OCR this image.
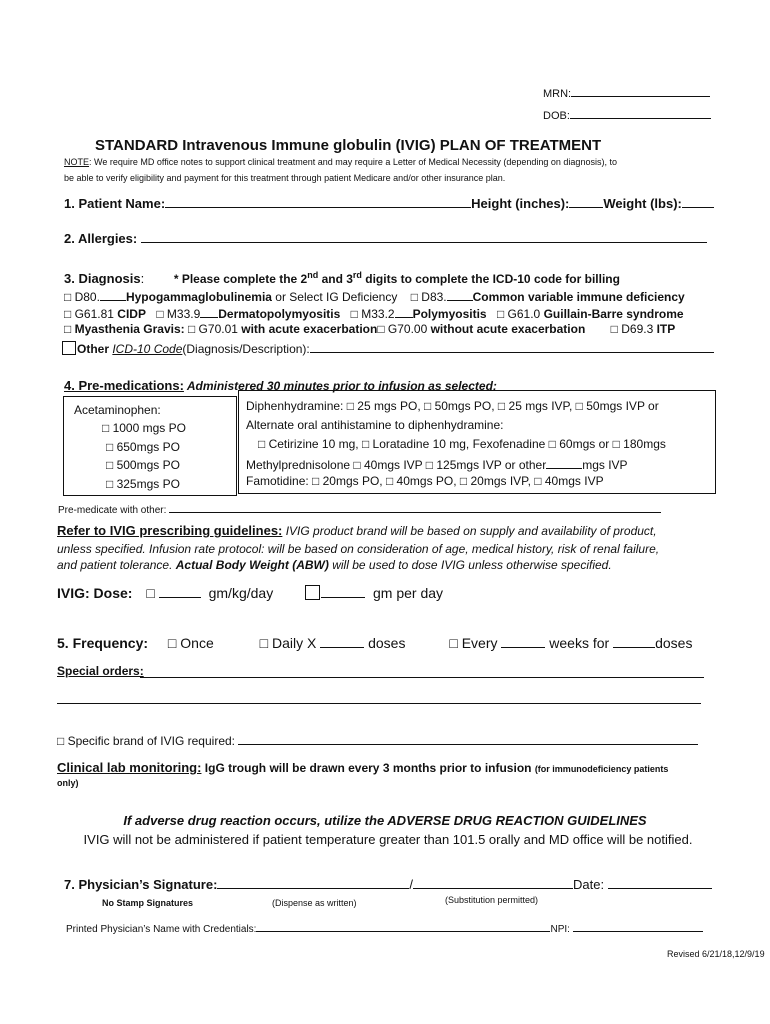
MRN:
DOB:
STANDARD Intravenous Immune globulin (IVIG) PLAN OF TREATMENT
NOTE: We require MD office notes to support clinical treatment and may require a Letter of Medical Necessity (depending on diagnosis), to
be able to verify eligibility and payment for this treatment through patient Medicare and/or other insurance plan.
1. Patient Name:	Height (inches):	Weight (lbs):
2. Allergies:
3. Diagnosis: * Please complete the 2nd and 3rd digits to complete the ICD-10 code for billing
□ D80. Hypogammaglobulinemia or Select IG Deficiency □ D83. Common variable immune deficiency
□ G61.81 CIDP □ M33.9 Dermatopolymyositis □ M33.2 Polymyositis □ G61.0 Guillain-Barre syndrome
□ Myasthenia Gravis: □ G70.01 with acute exacerbation□ G70.00 without acute exacerbation □ D69.3 ITP
Other ICD-10 Code(Diagnosis/Description):
4. Pre-medications: Administered 30 minutes prior to infusion as selected:
Acetaminophen:
□ 1000 mgs PO
□ 650mgs PO
□ 500mgs PO
□ 325mgs PO
Diphenhydramine: □ 25 mgs PO, □ 50mgs PO, □ 25 mgs IVP, □ 50mgs IVP or
Alternate oral antihistamine to diphenhydramine:
□ Cetirizine 10 mg, □ Loratadine 10 mg, Fexofenadine □ 60mgs or □ 180mgs
Methylprednisolone □ 40mgs IVP □ 125mgs IVP or other	mgs IVP
Famotidine: □ 20mgs PO, □ 40mgs PO, □ 20mgs IVP, □ 40mgs IVP
Pre-medicate with other:
Refer to IVIG prescribing guidelines: IVIG product brand will be based on supply and availability of product,
unless specified. Infusion rate protocol: will be based on consideration of age, medical history, risk of renal failure,
and patient tolerance. Actual Body Weight (ABW) will be used to dose IVIG unless otherwise specified.
IVIG: Dose: □	gm/kg/day	gm per day
5. Frequency: □ Once	□ Daily X	doses	□ Every	weeks for	doses
Special orders:
□ Specific brand of IVIG required:
Clinical lab monitoring: IgG trough will be drawn every 3 months prior to infusion (for immunodeficiency patients
only)
If adverse drug reaction occurs, utilize the ADVERSE DRUG REACTION GUIDELINES
IVIG will not be administered if patient temperature greater than 101.5 orally and MD office will be notified.
7. Physician’s Signature:	/	Date:
No Stamp Signatures	(Dispense as written)	(Substitution permitted)
Printed Physician’s Name with Credentials:	NPI:
Revised 6/21/18,12/9/19
